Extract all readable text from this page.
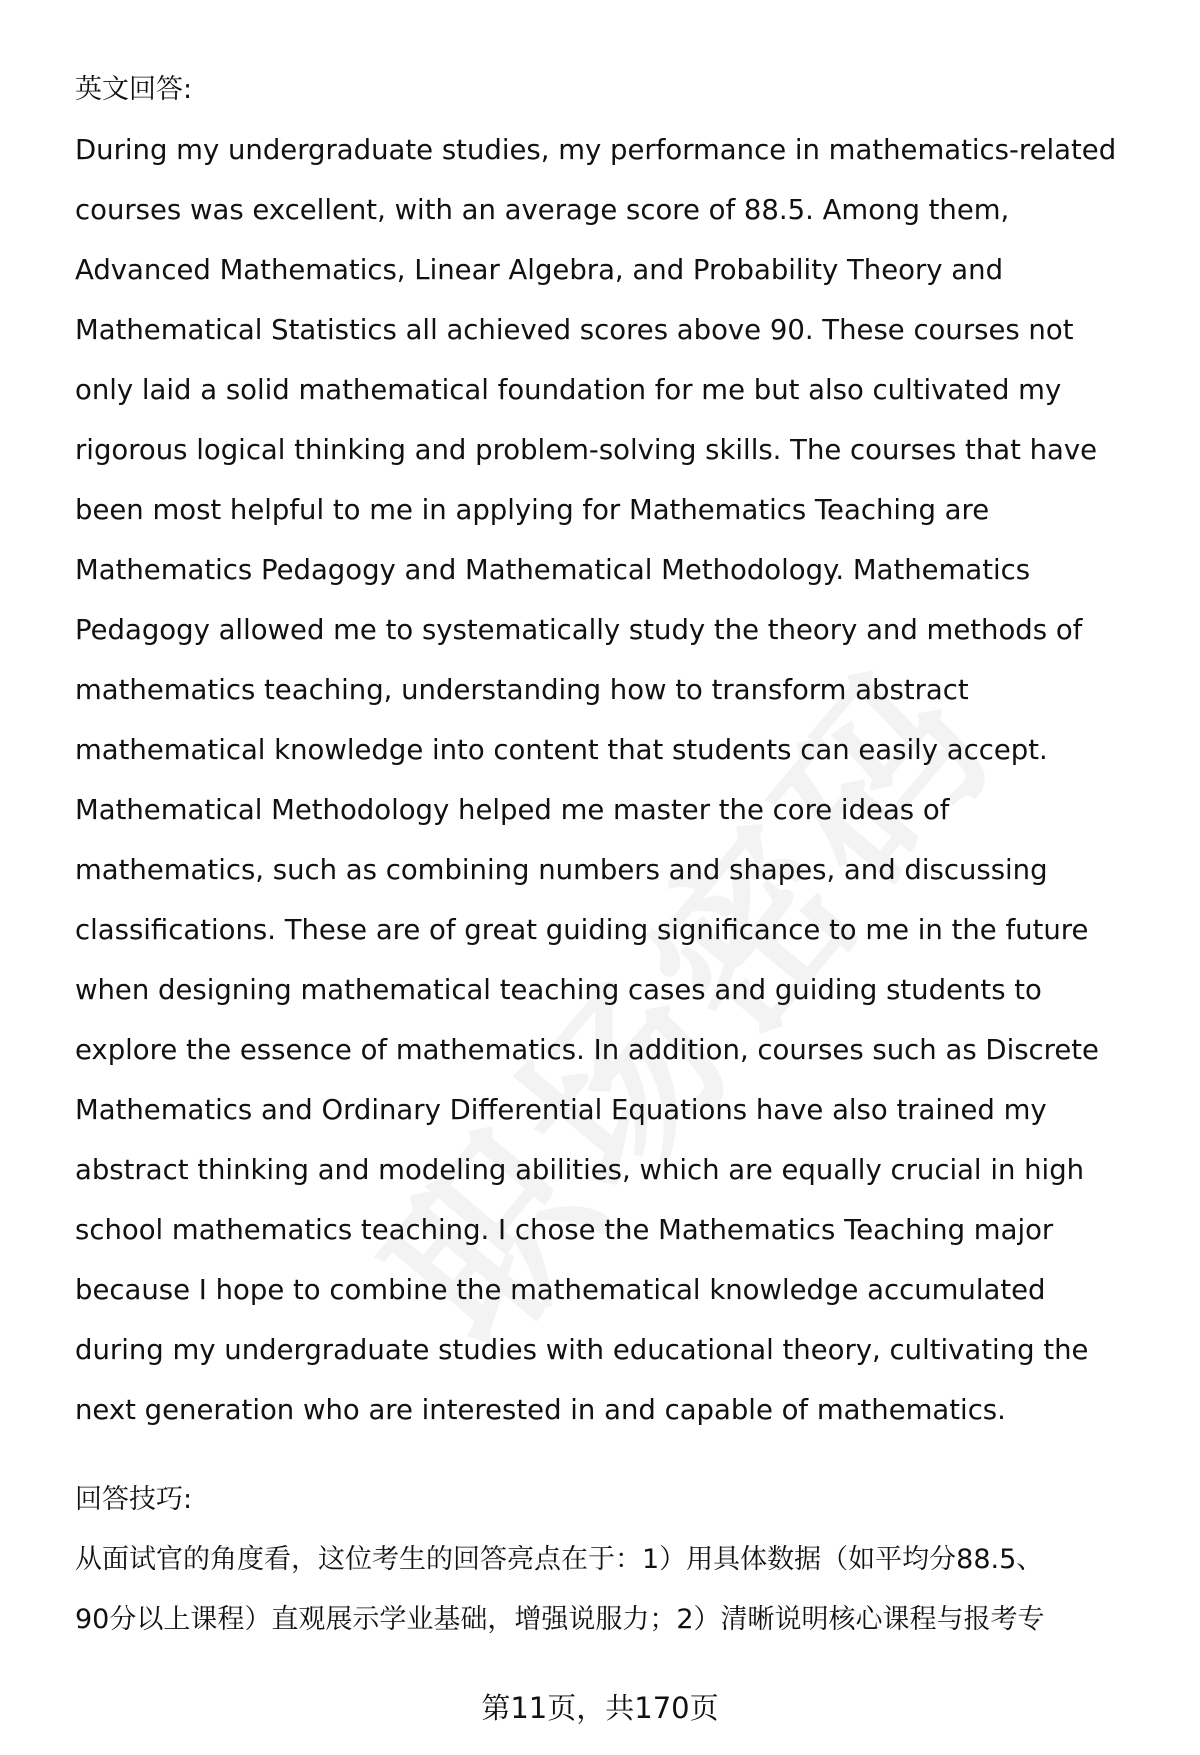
英文回答:
During my undergraduate studies, my performance in mathematics-related
courses was excellent, with an average score of 88.5. Among them,
Advanced Mathematics, Linear Algebra, and Probability Theory and
Mathematical Statistics all achieved scores above 90. These courses not
only laid a solid mathematical foundation for me but also cultivated my
rigorous logical thinking and problem-solving skills. The courses that have
been most helpful to me in applying for Mathematics Teaching are
Mathematics Pedagogy and Mathematical Methodology. Mathematics
Pedagogy allowed me to systematically study the theory and methods of
mathematics teaching, understanding how to transform abstract
mathematical knowledge into content that students can easily accept.
Mathematical Methodology helped me master the core ideas of
mathematics, such as combining numbers and shapes, and discussing
classifications. These are of great guiding significance to me in the future
when designing mathematical teaching cases and guiding students to
explore the essence of mathematics. In addition, courses such as Discrete
Mathematics and Ordinary Differential Equations have also trained my
abstract thinking and modeling abilities, which are equally crucial in high
school mathematics teaching. I chose the Mathematics Teaching major
because I hope to combine the mathematical knowledge accumulated
during my undergraduate studies with educational theory, cultivating the
next generation who are interested in and capable of mathematics.
回答技巧:
从面试官的角度看，这位考生的回答亮点在于：1）用具体数据（如平均分88.5、
90分以上课程）直观展示学业基础，增强说服力；2）清晰说明核心课程与报考专
第11页，共170页
